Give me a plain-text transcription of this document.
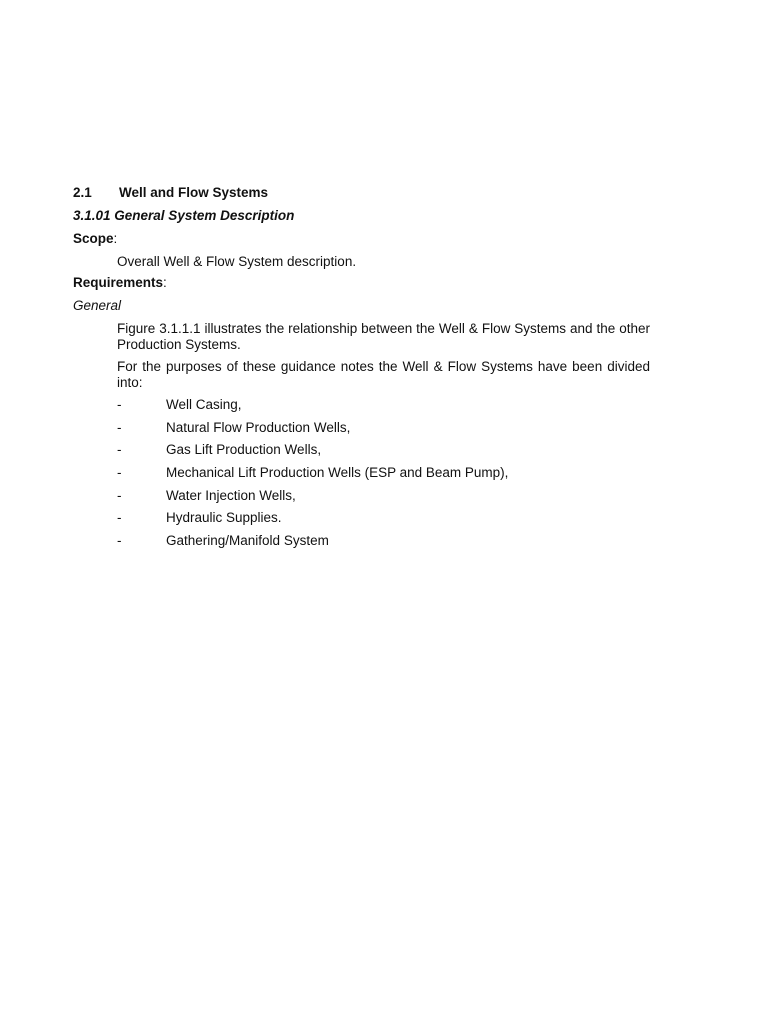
2.1	Well and Flow Systems
3.1.01 General System Description
Scope:
Overall Well & Flow System description.
Requirements:
General
Figure 3.1.1.1 illustrates the relationship between the Well & Flow Systems and the other Production Systems.
For the purposes of these guidance notes the Well & Flow Systems have been divided into:
-	Well Casing,
-	Natural Flow Production Wells,
-	Gas Lift Production Wells,
-	Mechanical Lift Production Wells (ESP and Beam Pump),
-	Water Injection Wells,
-	Hydraulic Supplies.
-	Gathering/Manifold System
